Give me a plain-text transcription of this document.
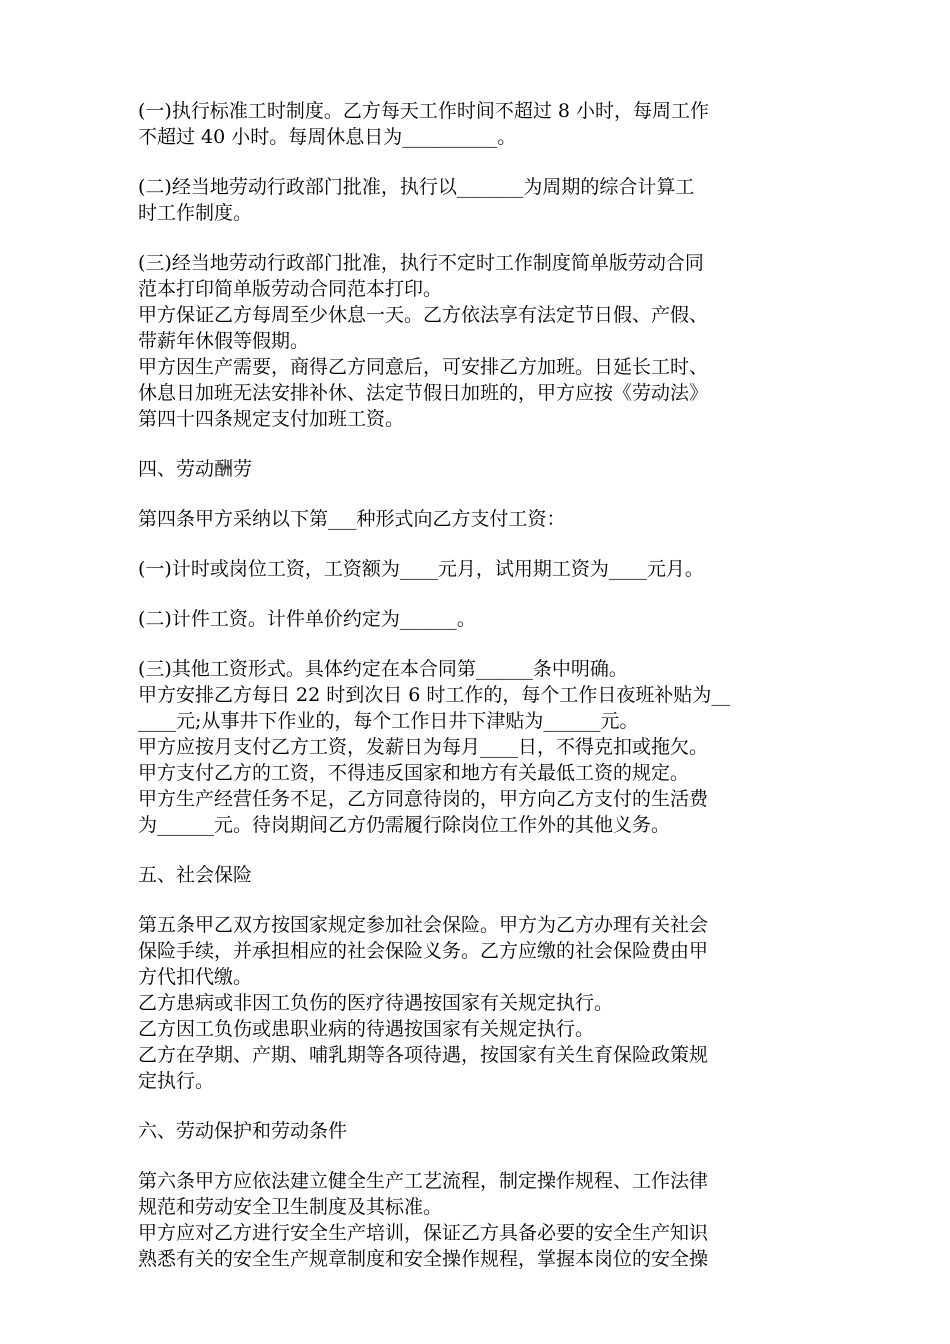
(一)执行标准工时制度。乙方每天工作时间不超过 8 小时，每周工作
不超过 40 小时。每周休息日为__________。
(二)经当地劳动行政部门批准，执行以_______为周期的综合计算工
时工作制度。
(三)经当地劳动行政部门批准，执行不定时工作制度简单版劳动合同
范本打印简单版劳动合同范本打印。
甲方保证乙方每周至少休息一天。乙方依法享有法定节日假、产假、
带薪年休假等假期。
甲方因生产需要，商得乙方同意后，可安排乙方加班。日延长工时、
休息日加班无法安排补休、法定节假日加班的，甲方应按《劳动法》
第四十四条规定支付加班工资。
四、劳动酬劳
第四条甲方采纳以下第___种形式向乙方支付工资：
(一)计时或岗位工资，工资额为____元月，试用期工资为____元月。
(二)计件工资。计件单价约定为______。
(三)其他工资形式。具体约定在本合同第______条中明确。
甲方安排乙方每日 22 时到次日 6 时工作的，每个工作日夜班补贴为__
____元;从事井下作业的，每个工作日井下津贴为______元。
甲方应按月支付乙方工资，发薪日为每月____日，不得克扣或拖欠。
甲方支付乙方的工资，不得违反国家和地方有关最低工资的规定。
甲方生产经营任务不足，乙方同意待岗的，甲方向乙方支付的生活费
为______元。待岗期间乙方仍需履行除岗位工作外的其他义务。
五、社会保险
第五条甲乙双方按国家规定参加社会保险。甲方为乙方办理有关社会
保险手续，并承担相应的社会保险义务。乙方应缴的社会保险费由甲
方代扣代缴。
乙方患病或非因工负伤的医疗待遇按国家有关规定执行。
乙方因工负伤或患职业病的待遇按国家有关规定执行。
乙方在孕期、产期、哺乳期等各项待遇，按国家有关生育保险政策规
定执行。
六、劳动保护和劳动条件
第六条甲方应依法建立健全生产工艺流程，制定操作规程、工作法律
规范和劳动安全卫生制度及其标准。
甲方应对乙方进行安全生产培训，保证乙方具备必要的安全生产知识
熟悉有关的安全生产规章制度和安全操作规程，掌握本岗位的安全操
